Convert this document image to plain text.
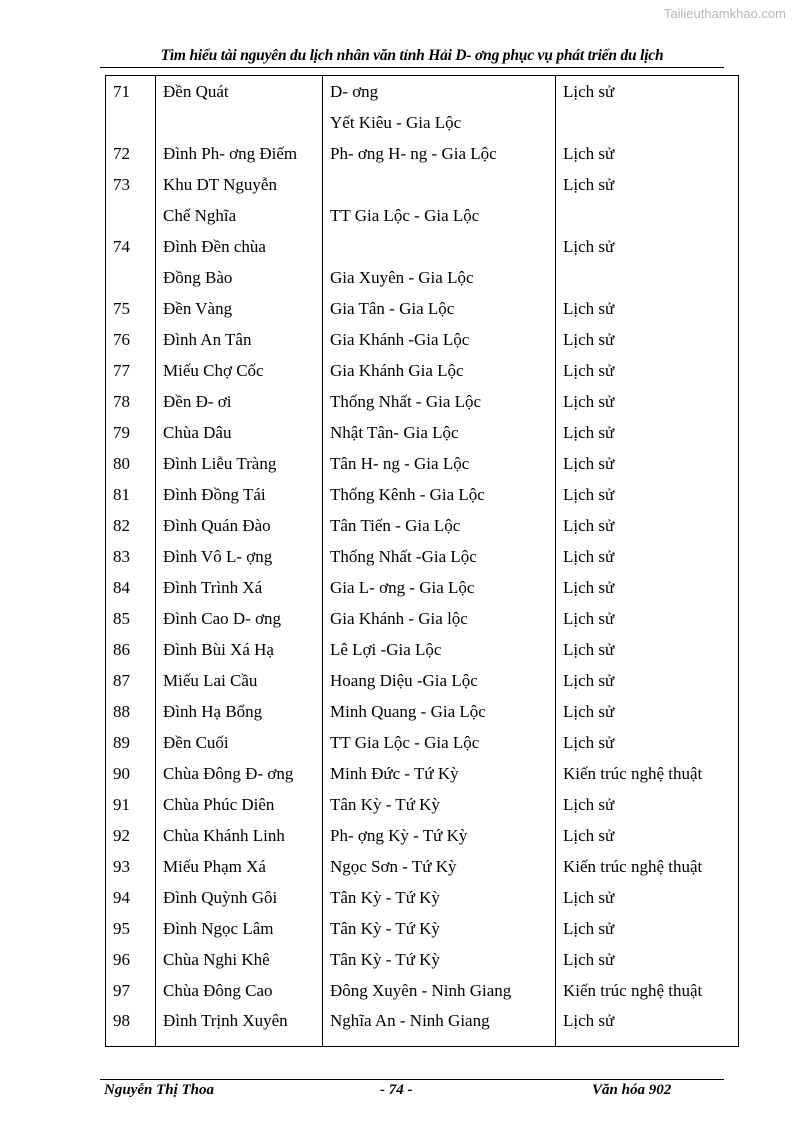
Tailieuthamkhao.com
Tìm hiểu tài nguyên du lịch nhân văn tỉnh Hải D- ơng phục vụ phát triển du lịch
71	Đền Quát	D- ơng	Lịch sử
		Yết Kiêu - Gia Lộc	
72	Đình Ph- ơng Điếm	Ph- ơng H- ng - Gia Lộc	Lịch sử
73	Khu DT Nguyễn		Lịch sử
	Chế Nghĩa	TT Gia Lộc - Gia Lộc	
74	Đình Đền chùa		Lịch sử
	Đồng Bào	Gia Xuyên - Gia Lộc	
75	Đền Vàng	Gia Tân - Gia Lộc	Lịch sử
76	Đình An Tân	Gia Khánh -Gia Lộc	Lịch sử
77	Miếu Chợ Cốc	Gia Khánh Gia Lộc	Lịch sử
78	Đền Đ- ơi	Thống Nhất - Gia Lộc	Lịch sử
79	Chùa Dâu	Nhật Tân- Gia Lộc	Lịch sử
80	Đình Liễu Tràng	Tân H- ng - Gia Lộc	Lịch sử
81	Đình Đồng Tái	Thống Kênh - Gia Lộc	Lịch sử
82	Đình Quán Đào	Tân Tiến - Gia Lộc	Lịch sử
83	Đình Vô L- ợng	Thống Nhất -Gia Lộc	Lịch sử
84	Đình Trình Xá	Gia L- ơng - Gia Lộc	Lịch sử
85	Đình Cao D- ơng	Gia Khánh - Gia lộc	Lịch sử
86	Đình Bùi Xá Hạ	Lê Lợi -Gia Lộc	Lịch sử
87	Miếu Lai Cầu	Hoang Diệu -Gia Lộc	Lịch sử
88	Đình Hạ Bổng	Minh Quang - Gia Lộc	Lịch sử
89	Đền Cuối	TT Gia Lộc - Gia Lộc	Lịch sử
90	Chùa Đông Đ- ơng	Minh Đức - Tứ Kỳ	Kiến trúc nghệ thuật
91	Chùa Phúc Diên	Tân Kỳ - Tứ Kỳ	Lịch sử
92	Chùa Khánh Linh	Ph- ợng Kỳ - Tứ Kỳ	Lịch sử
93	Miếu Phạm Xá	Ngọc Sơn - Tứ Kỳ	Kiến trúc nghệ thuật
94	Đình Quỳnh Gôi	Tân Kỳ - Tứ Kỳ	Lịch sử
95	Đình Ngọc Lâm	Tân Kỳ - Tứ Kỳ	Lịch sử
96	Chùa Nghi Khê	Tân Kỳ - Tứ Kỳ	Lịch sử
97	Chùa Đông Cao	Đông Xuyên - Ninh Giang	Kiến trúc nghệ thuật
98	Đình Trịnh Xuyên	Nghĩa An - Ninh Giang	Lịch sử
Nguyễn Thị Thoa	- 74 -	Văn hóa 902
